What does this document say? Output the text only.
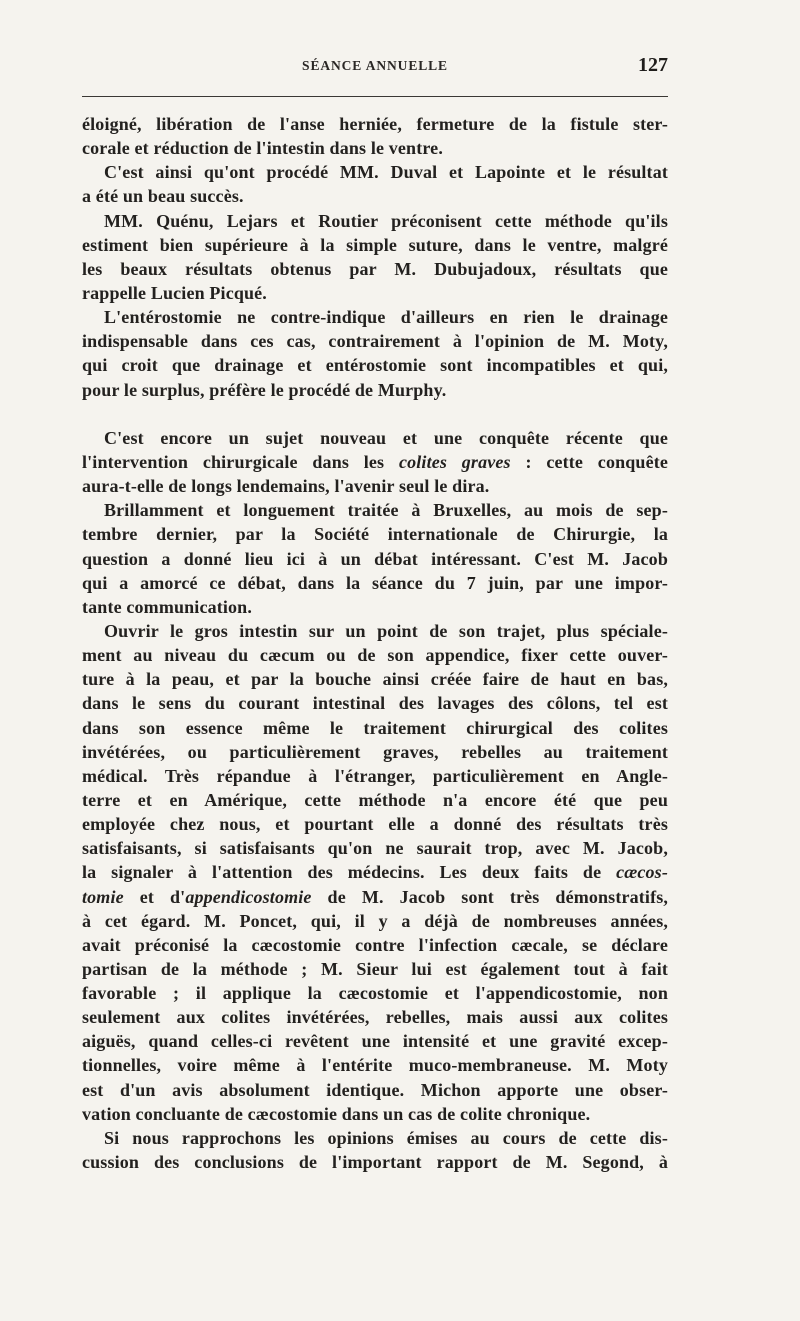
SÉANCE ANNUELLE	127
éloigné, libération de l'anse herniée, fermeture de la fistule ster-
corale et réduction de l'intestin dans le ventre.
C'est ainsi qu'ont procédé MM. Duval et Lapointe et le résultat
a été un beau succès.
MM. Quénu, Lejars et Routier préconisent cette méthode qu'ils
estiment bien supérieure à la simple suture, dans le ventre, malgré
les beaux résultats obtenus par M. Dubujadoux, résultats que
rappelle Lucien Picqué.
L'entérostomie ne contre-indique d'ailleurs en rien le drainage
indispensable dans ces cas, contrairement à l'opinion de M. Moty,
qui croit que drainage et entérostomie sont incompatibles et qui,
pour le surplus, préfère le procédé de Murphy.
C'est encore un sujet nouveau et une conquête récente que
l'intervention chirurgicale dans les colites graves : cette conquête
aura-t-elle de longs lendemains, l'avenir seul le dira.
Brillamment et longuement traitée à Bruxelles, au mois de sep-
tembre dernier, par la Société internationale de Chirurgie, la
question a donné lieu ici à un débat intéressant. C'est M. Jacob
qui a amorcé ce débat, dans la séance du 7 juin, par une impor-
tante communication.
Ouvrir le gros intestin sur un point de son trajet, plus spéciale-
ment au niveau du cæcum ou de son appendice, fixer cette ouver-
ture à la peau, et par la bouche ainsi créée faire de haut en bas,
dans le sens du courant intestinal des lavages des côlons, tel est
dans son essence même le traitement chirurgical des colites
invétérées, ou particulièrement graves, rebelles au traitement
médical. Très répandue à l'étranger, particulièrement en Angle-
terre et en Amérique, cette méthode n'a encore été que peu
employée chez nous, et pourtant elle a donné des résultats très
satisfaisants, si satisfaisants qu'on ne saurait trop, avec M. Jacob,
la signaler à l'attention des médecins. Les deux faits de cæcos-
tomie et d'appendicostomie de M. Jacob sont très démonstratifs,
à cet égard. M. Poncet, qui, il y a déjà de nombreuses années,
avait préconisé la cæcostomie contre l'infection cæcale, se déclare
partisan de la méthode ; M. Sieur lui est également tout à fait
favorable ; il applique la cæcostomie et l'appendicostomie, non
seulement aux colites invétérées, rebelles, mais aussi aux colites
aiguës, quand celles-ci revêtent une intensité et une gravité excep-
tionnelles, voire même à l'entérite muco-membraneuse. M. Moty
est d'un avis absolument identique. Michon apporte une obser-
vation concluante de cæcostomie dans un cas de colite chronique.
Si nous rapprochons les opinions émises au cours de cette dis-
cussion des conclusions de l'important rapport de M. Segond, à
